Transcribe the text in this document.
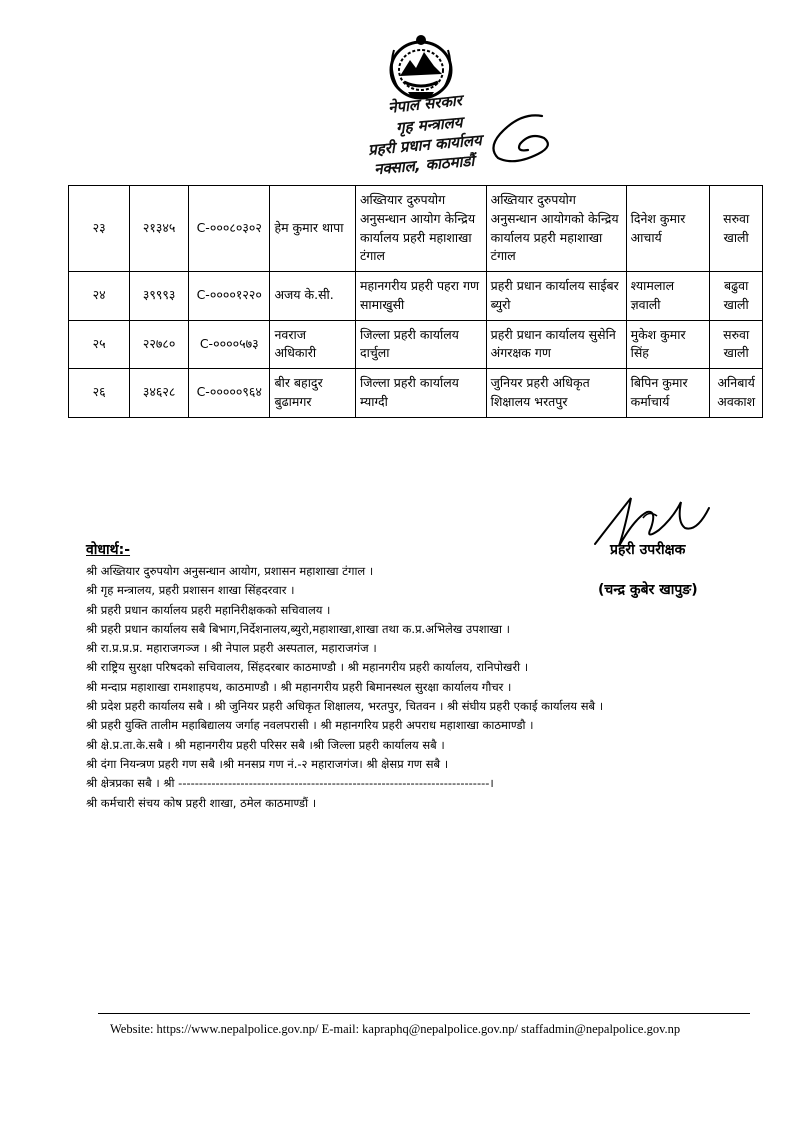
नेपाल सरकार
गृह मन्त्रालय
प्रहरी प्रधान कार्यालय
नक्साल, काठमाडौं
२३	२१३४५	C-०००८०३०२	हेम कुमार थापा	अख्तियार दुरुपयोग अनुसन्धान आयोग केन्द्रिय कार्यालय प्रहरी महाशाखा टंगाल	अख्तियार दुरुपयोग अनुसन्धान आयोगको केन्द्रिय कार्यालय प्रहरी महाशाखा टंगाल	दिनेश कुमार आचार्य	सरुवा खाली
२४	३९९९३	C-००००१२२०	अजय के.सी.	महानगरीय प्रहरी पहरा गण सामाखुसी	प्रहरी प्रधान कार्यालय साईबर ब्युरो	श्यामलाल ज्ञवाली	बढुवा खाली
२५	२२७८०	C-००००५७३	नवराज अधिकारी	जिल्ला प्रहरी कार्यालय दार्चुला	प्रहरी प्रधान कार्यालय सुसेनि अंगरक्षक गण	मुकेश कुमार सिंह	सरुवा खाली
२६	३४६२८	C-०००००९६४	बीर बहादुर बुढामगर	जिल्ला प्रहरी कार्यालय म्याग्दी	जुनियर प्रहरी अधिकृत शिक्षालय भरतपुर	बिपिन कुमार कर्माचार्य	अनिबार्य अवकाश
प्रहरी उपरीक्षक
(चन्द्र कुबेर खापुङ)
वोधार्थ:-
श्री अख्तियार दुरुपयोग अनुसन्धान आयोग, प्रशासन महाशाखा टंगाल ।
श्री गृह मन्त्रालय, प्रहरी प्रशासन शाखा सिंहदरवार ।
श्री प्रहरी प्रधान कार्यालय प्रहरी महानिरीक्षकको सचिवालय ।
श्री प्रहरी प्रधान कार्यालय सबै बिभाग,निर्देशनालय,ब्युरो,महाशाखा,शाखा तथा क.प्र.अभिलेख उपशाखा ।
श्री रा.प्र.प्र.प्र. महाराजगञ्ज । श्री नेपाल प्रहरी अस्पताल, महाराजगंज ।
श्री राष्ट्रिय सुरक्षा परिषदको सचिवालय, सिंहदरबार काठमाण्डौ । श्री महानगरीय प्रहरी कार्यालय, रानिपोखरी ।
श्री मन्दाप्र महाशाखा रामशाहपथ, काठमाण्डौ । श्री महानगरीय प्रहरी बिमानस्थल सुरक्षा कार्यालय गौचर ।
श्री प्रदेश प्रहरी कार्यालय सबै । श्री जुनियर प्रहरी अधिकृत शिक्षालय, भरतपुर, चितवन । श्री संघीय प्रहरी एकाई कार्यालय सबै ।
श्री प्रहरी युक्ति तालीम महाबिद्यालय जर्गाह नवलपरासी । श्री महानगरिय प्रहरी अपराध महाशाखा काठमाण्डौ ।
श्री क्षे.प्र.ता.के.सबै । श्री महानगरीय प्रहरी परिसर सबै ।श्री जिल्ला प्रहरी कार्यालय सबै ।
श्री दंगा नियन्त्रण प्रहरी गण सबै ।श्री मनसप्र गण नं.-२ महाराजगंज। श्री क्षेसप्र गण सबै ।
श्री क्षेत्रप्रका सबै । श्री ---------------------------------------------------------------------------।
श्री कर्मचारी संचय कोष प्रहरी शाखा, ठमेल काठमाण्डौं ।
Website: https://www.nepalpolice.gov.np/ E-mail: kapraphq@nepalpolice.gov.np/ staffadmin@nepalpolice.gov.np
